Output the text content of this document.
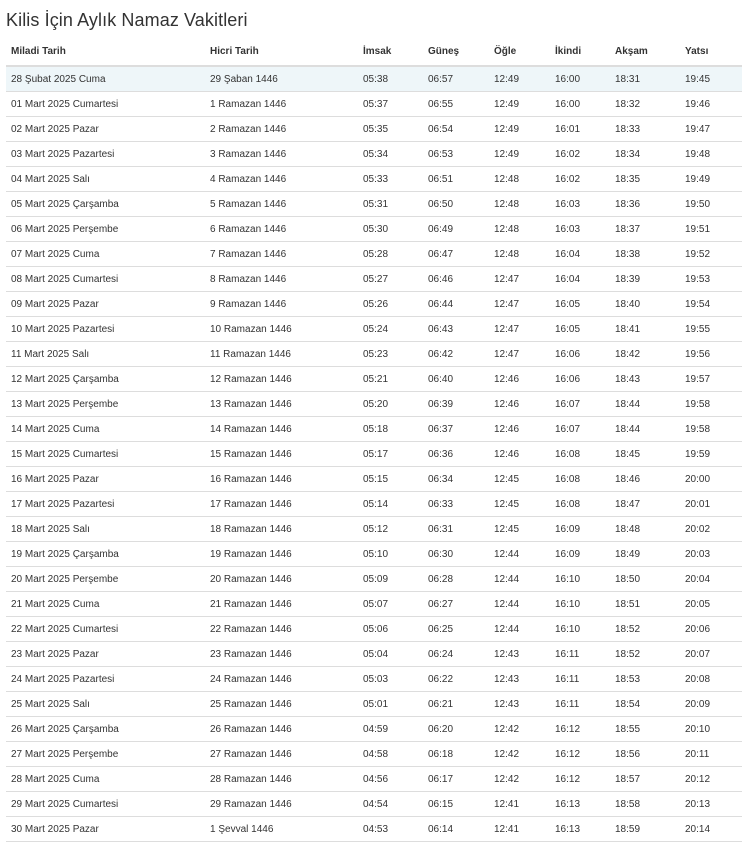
Kilis İçin Aylık Namaz Vakitleri
Miladi Tarih	Hicri Tarih	İmsak	Güneş	Öğle	İkindi	Akşam	Yatsı
28 Şubat 2025 Cuma	29 Şaban 1446	05:38	06:57	12:49	16:00	18:31	19:45
01 Mart 2025 Cumartesi	1 Ramazan 1446	05:37	06:55	12:49	16:00	18:32	19:46
02 Mart 2025 Pazar	2 Ramazan 1446	05:35	06:54	12:49	16:01	18:33	19:47
03 Mart 2025 Pazartesi	3 Ramazan 1446	05:34	06:53	12:49	16:02	18:34	19:48
04 Mart 2025 Salı	4 Ramazan 1446	05:33	06:51	12:48	16:02	18:35	19:49
05 Mart 2025 Çarşamba	5 Ramazan 1446	05:31	06:50	12:48	16:03	18:36	19:50
06 Mart 2025 Perşembe	6 Ramazan 1446	05:30	06:49	12:48	16:03	18:37	19:51
07 Mart 2025 Cuma	7 Ramazan 1446	05:28	06:47	12:48	16:04	18:38	19:52
08 Mart 2025 Cumartesi	8 Ramazan 1446	05:27	06:46	12:47	16:04	18:39	19:53
09 Mart 2025 Pazar	9 Ramazan 1446	05:26	06:44	12:47	16:05	18:40	19:54
10 Mart 2025 Pazartesi	10 Ramazan 1446	05:24	06:43	12:47	16:05	18:41	19:55
11 Mart 2025 Salı	11 Ramazan 1446	05:23	06:42	12:47	16:06	18:42	19:56
12 Mart 2025 Çarşamba	12 Ramazan 1446	05:21	06:40	12:46	16:06	18:43	19:57
13 Mart 2025 Perşembe	13 Ramazan 1446	05:20	06:39	12:46	16:07	18:44	19:58
14 Mart 2025 Cuma	14 Ramazan 1446	05:18	06:37	12:46	16:07	18:44	19:58
15 Mart 2025 Cumartesi	15 Ramazan 1446	05:17	06:36	12:46	16:08	18:45	19:59
16 Mart 2025 Pazar	16 Ramazan 1446	05:15	06:34	12:45	16:08	18:46	20:00
17 Mart 2025 Pazartesi	17 Ramazan 1446	05:14	06:33	12:45	16:08	18:47	20:01
18 Mart 2025 Salı	18 Ramazan 1446	05:12	06:31	12:45	16:09	18:48	20:02
19 Mart 2025 Çarşamba	19 Ramazan 1446	05:10	06:30	12:44	16:09	18:49	20:03
20 Mart 2025 Perşembe	20 Ramazan 1446	05:09	06:28	12:44	16:10	18:50	20:04
21 Mart 2025 Cuma	21 Ramazan 1446	05:07	06:27	12:44	16:10	18:51	20:05
22 Mart 2025 Cumartesi	22 Ramazan 1446	05:06	06:25	12:44	16:10	18:52	20:06
23 Mart 2025 Pazar	23 Ramazan 1446	05:04	06:24	12:43	16:11	18:52	20:07
24 Mart 2025 Pazartesi	24 Ramazan 1446	05:03	06:22	12:43	16:11	18:53	20:08
25 Mart 2025 Salı	25 Ramazan 1446	05:01	06:21	12:43	16:11	18:54	20:09
26 Mart 2025 Çarşamba	26 Ramazan 1446	04:59	06:20	12:42	16:12	18:55	20:10
27 Mart 2025 Perşembe	27 Ramazan 1446	04:58	06:18	12:42	16:12	18:56	20:11
28 Mart 2025 Cuma	28 Ramazan 1446	04:56	06:17	12:42	16:12	18:57	20:12
29 Mart 2025 Cumartesi	29 Ramazan 1446	04:54	06:15	12:41	16:13	18:58	20:13
30 Mart 2025 Pazar	1 Şevval 1446	04:53	06:14	12:41	16:13	18:59	20:14
